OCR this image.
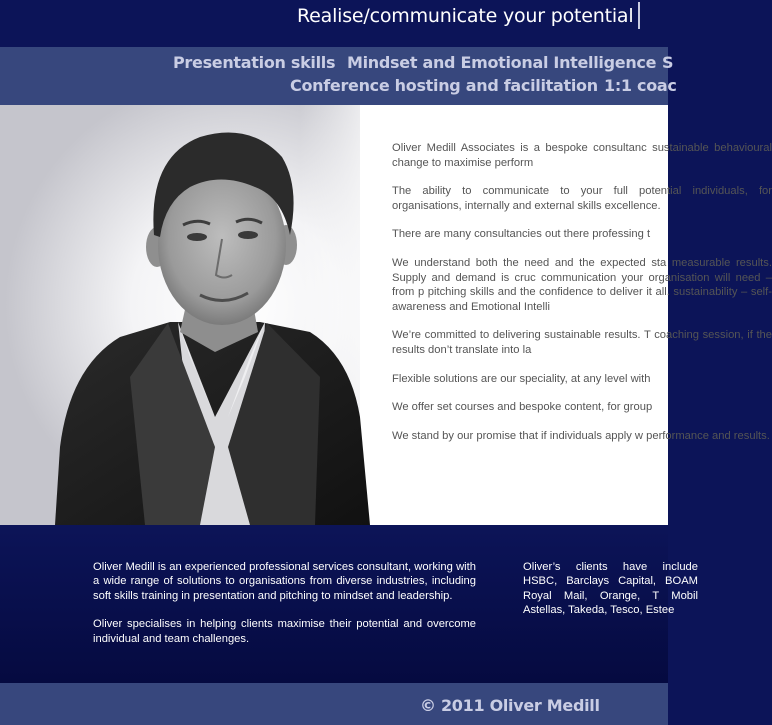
Realise/communicate your potential
Presentation skills Mindset and Emotional Intelligence S
Conference hosting and facilitation 1:1 coac

Oliver Medill Associates is a bespoke consultanc sustainable behavioural change to maximise perform

The ability to communicate to your full potential individuals, for organisations, internally and external skills excellence.

There are many consultancies out there professing t

We understand both the need and the expected sta measurable results. Supply and demand is cruc communication your organisation will need – from p pitching skills and the confidence to deliver it all. sustainability – self-awareness and Emotional Intelli

We’re committed to delivering sustainable results. T coaching session, if the results don’t translate into la

Flexible solutions are our speciality, at any level with

We offer set courses and bespoke content, for group

We stand by our promise that if individuals apply w performance and results.

Oliver Medill is an experienced professional services consultant, working with a wide range of solutions to organisations from diverse industries, including soft skills training in presentation and pitching to mindset and leadership.

Oliver specialises in helping clients maximise their potential and overcome individual and team challenges.

Oliver’s clients have include HSBC, Barclays Capital, BOAM Royal Mail, Orange, T Mobil Astellas, Takeda, Tesco, Estee

© 2011 Oliver Medill
